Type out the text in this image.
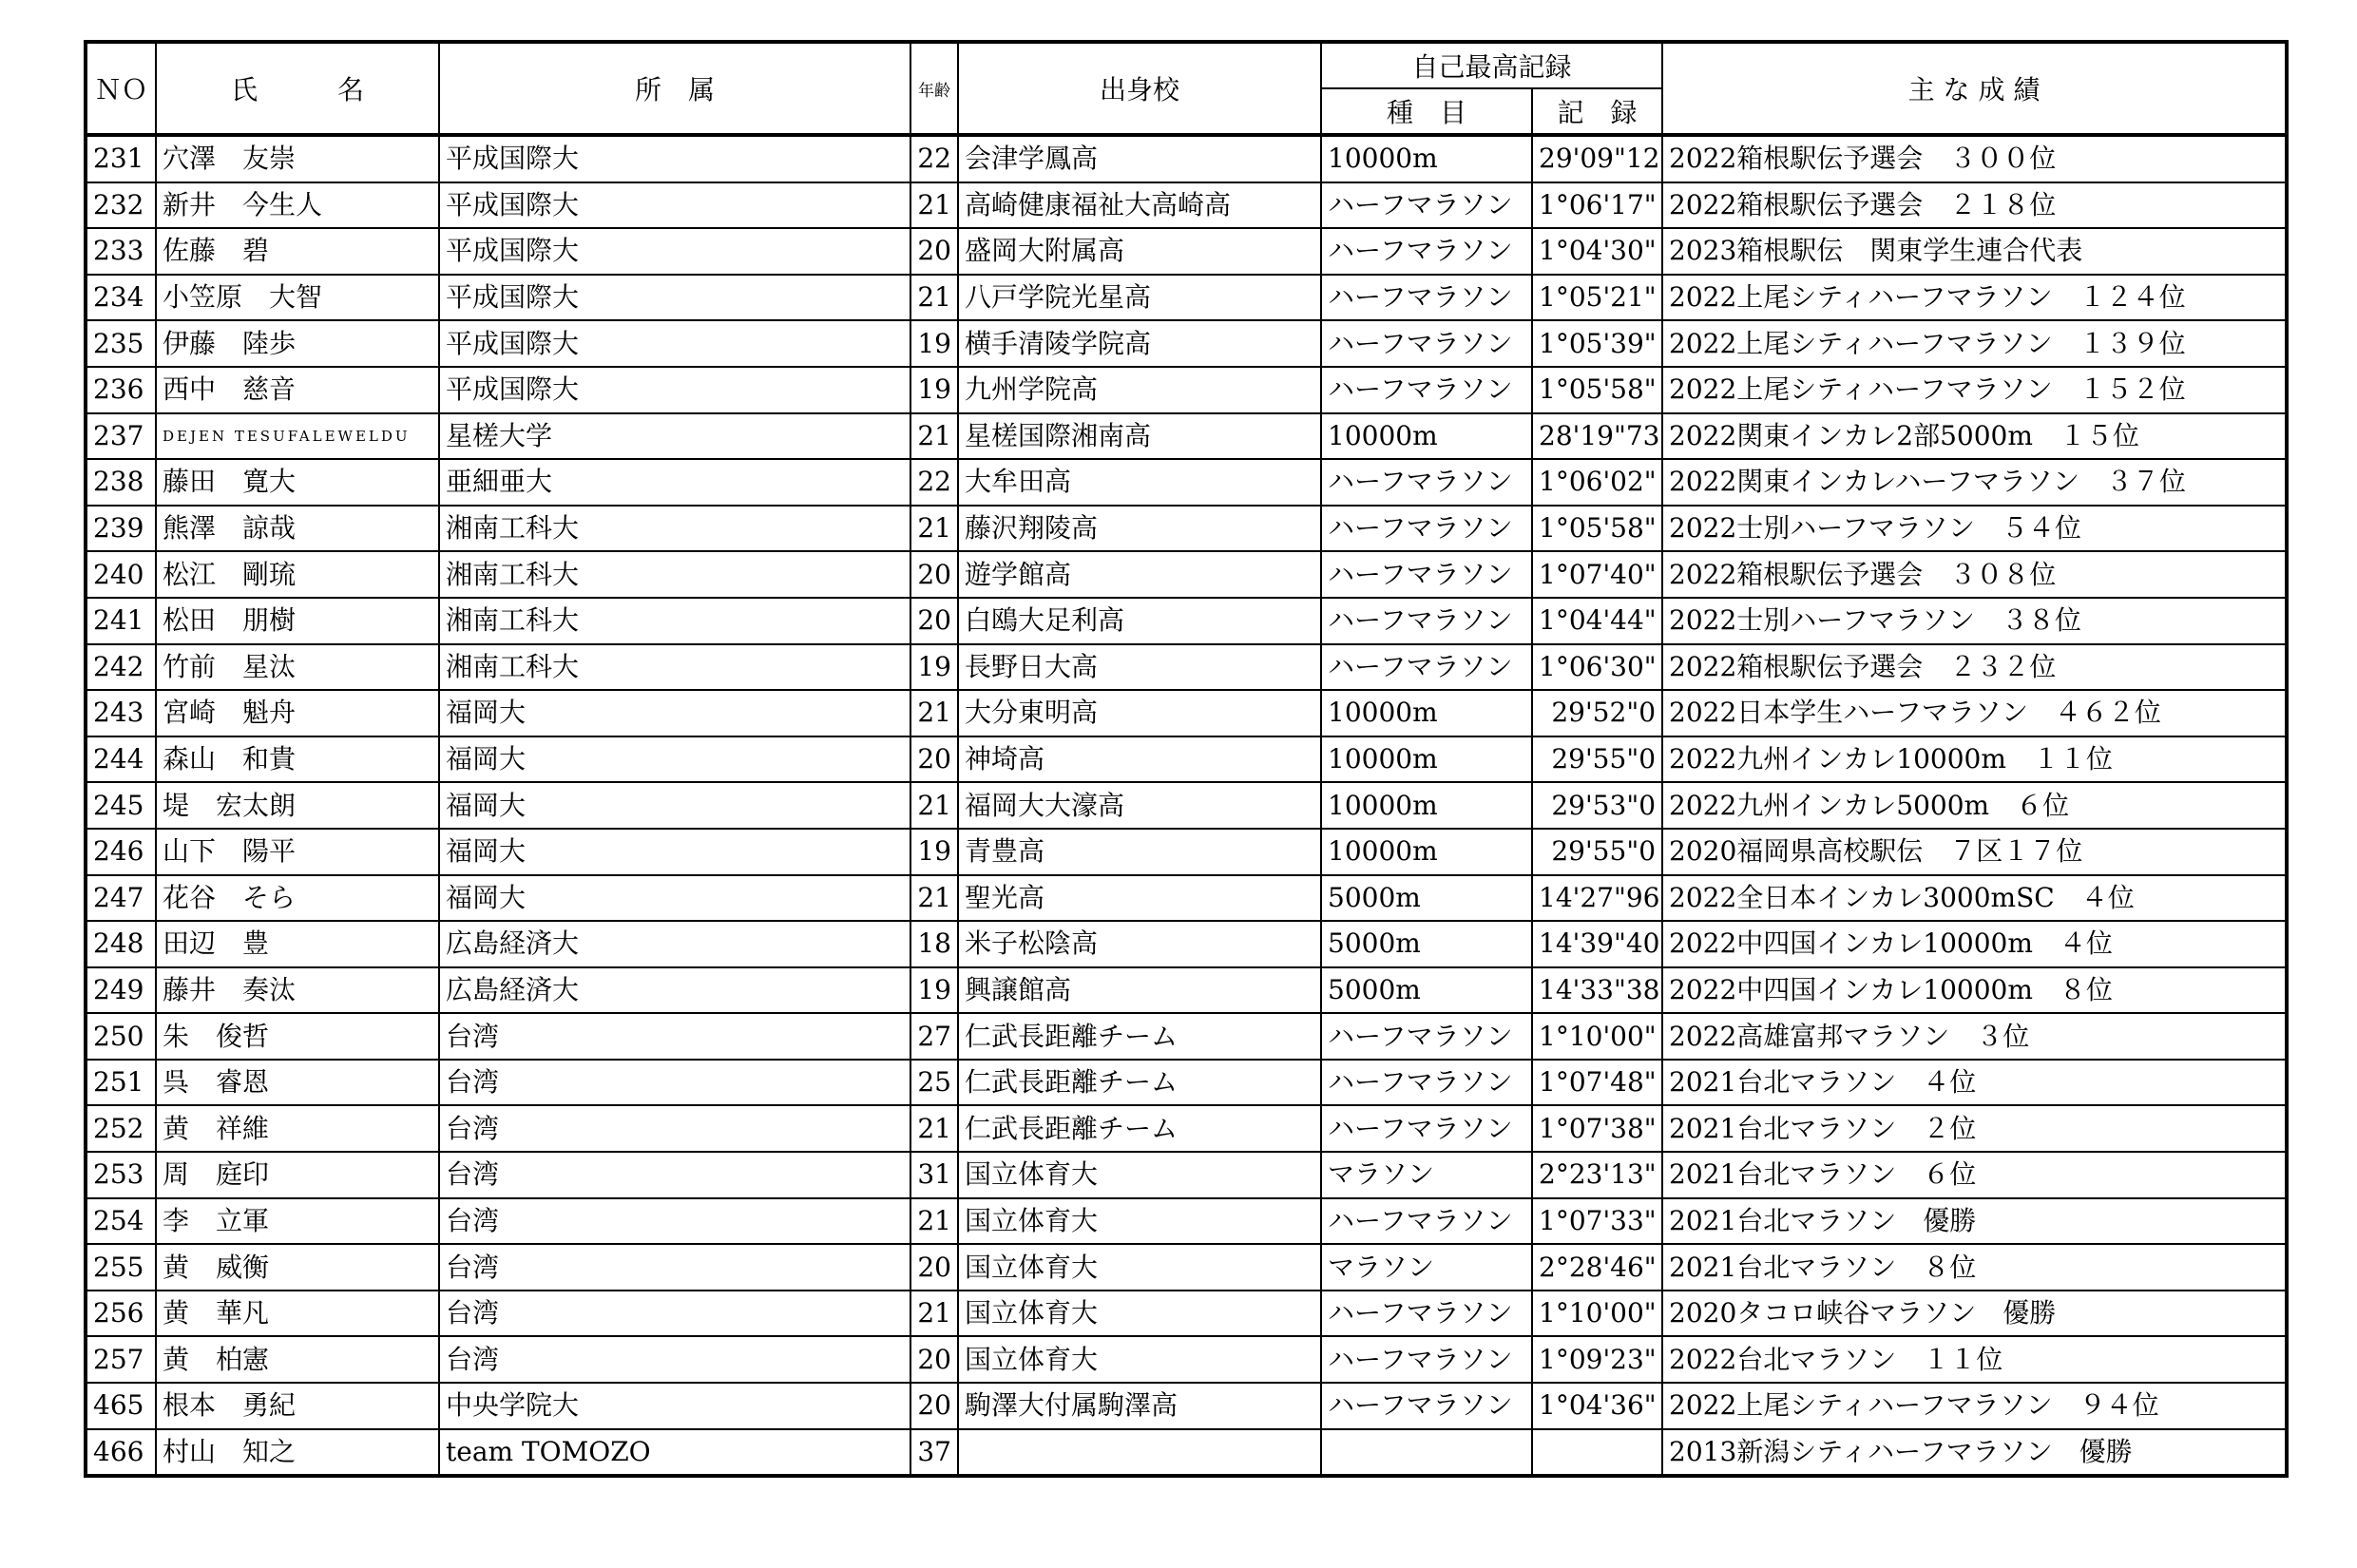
ＮＯ	氏　　　名	所　属	年齢	出身校	自己最高記録		主 な 成 績
					種　目	記　録	
231	穴澤　友崇	平成国際大	22	会津学鳳高	10000m	29'09"12	2022箱根駅伝予選会　３００位
232	新井　今生人	平成国際大	21	高崎健康福祉大高崎高	ハーフマラソン	1°06'17"	2022箱根駅伝予選会　２１８位
233	佐藤　碧	平成国際大	20	盛岡大附属高	ハーフマラソン	1°04'30"	2023箱根駅伝　関東学生連合代表
234	小笠原　大智	平成国際大	21	八戸学院光星高	ハーフマラソン	1°05'21"	2022上尾シティハーフマラソン　１２４位
235	伊藤　陸歩	平成国際大	19	横手清陵学院高	ハーフマラソン	1°05'39"	2022上尾シティハーフマラソン　１３９位
236	西中　慈音	平成国際大	19	九州学院高	ハーフマラソン	1°05'58"	2022上尾シティハーフマラソン　１５２位
237	DEJEN TESUFALEWELDU	星槎大学	21	星槎国際湘南高	10000m	28'19"73	2022関東インカレ2部5000m　１５位
238	藤田　寛大	亜細亜大	22	大牟田高	ハーフマラソン	1°06'02"	2022関東インカレハーフマラソン　３７位
239	熊澤　諒哉	湘南工科大	21	藤沢翔陵高	ハーフマラソン	1°05'58"	2022士別ハーフマラソン　５４位
240	松江　剛琉	湘南工科大	20	遊学館高	ハーフマラソン	1°07'40"	2022箱根駅伝予選会　３０８位
241	松田　朋樹	湘南工科大	20	白鴎大足利高	ハーフマラソン	1°04'44"	2022士別ハーフマラソン　３８位
242	竹前　星汰	湘南工科大	19	長野日大高	ハーフマラソン	1°06'30"	2022箱根駅伝予選会　２３２位
243	宮崎　魁舟	福岡大	21	大分東明高	10000m	29'52"0	2022日本学生ハーフマラソン　４６２位
244	森山　和貴	福岡大	20	神埼高	10000m	29'55"0	2022九州インカレ10000m　１１位
245	堤　宏太朗	福岡大	21	福岡大大濠高	10000m	29'53"0	2022九州インカレ5000m　６位
246	山下　陽平	福岡大	19	青豊高	10000m	29'55"0	2020福岡県高校駅伝　７区１７位
247	花谷　そら	福岡大	21	聖光高	5000m	14'27"96	2022全日本インカレ3000mSC　４位
248	田辺　豊	広島経済大	18	米子松陰高	5000m	14'39"40	2022中四国インカレ10000m　４位
249	藤井　奏汰	広島経済大	19	興譲館高	5000m	14'33"38	2022中四国インカレ10000m　８位
250	朱　俊哲	台湾	27	仁武長距離チーム	ハーフマラソン	1°10'00"	2022高雄富邦マラソン　３位
251	呉　睿恩	台湾	25	仁武長距離チーム	ハーフマラソン	1°07'48"	2021台北マラソン　４位
252	黄　祥維	台湾	21	仁武長距離チーム	ハーフマラソン	1°07'38"	2021台北マラソン　２位
253	周　庭印	台湾	31	国立体育大	マラソン	2°23'13"	2021台北マラソン　６位
254	李　立軍	台湾	21	国立体育大	ハーフマラソン	1°07'33"	2021台北マラソン　優勝
255	黄　威衡	台湾	20	国立体育大	マラソン	2°28'46"	2021台北マラソン　８位
256	黄　華凡	台湾	21	国立体育大	ハーフマラソン	1°10'00"	2020タコロ峡谷マラソン　優勝
257	黄　柏憲	台湾	20	国立体育大	ハーフマラソン	1°09'23"	2022台北マラソン　１１位
465	根本　勇紀	中央学院大	20	駒澤大付属駒澤高	ハーフマラソン	1°04'36"	2022上尾シティハーフマラソン　９４位
466	村山　知之	team TOMOZO	37				2013新潟シティハーフマラソン　優勝
